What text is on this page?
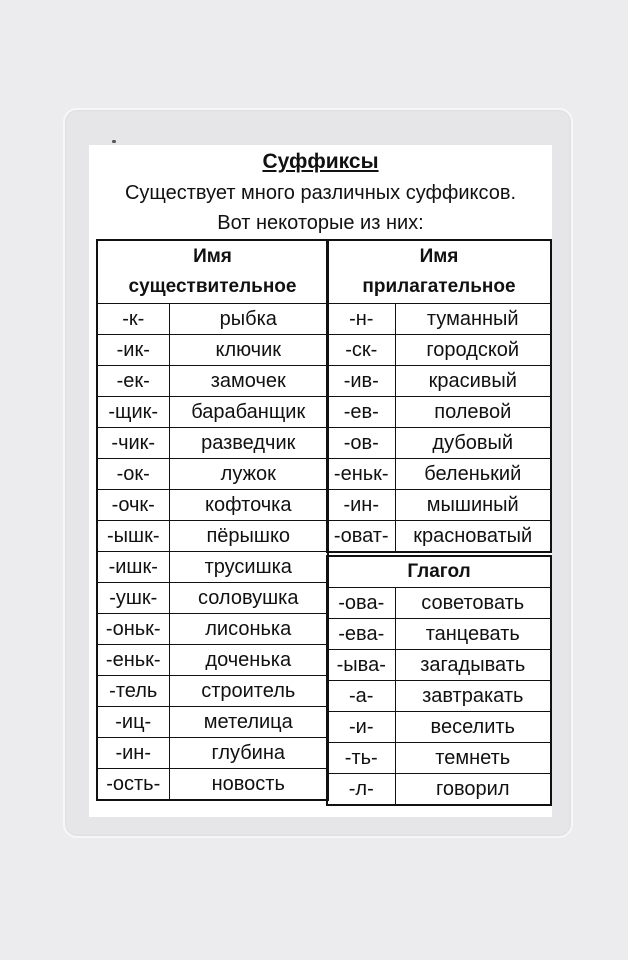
Суффиксы
Существует много различных суффиксов.
Вот некоторые из них:
Имя
существительное	

-к-	рыбка
-ик-	ключик
-ек-	замочек
-щик-	барабанщик
-чик-	разведчик
-ок-	лужок
-очк-	кофточка
-ышк-	пёрышко
-ишк-	трусишка
-ушк-	соловушка
-оньк-	лисонька
-еньк-	доченька
-тель	строитель
-иц-	метелица
-ин-	глубина
-ость-	новость
Имя
прилагательное	

-н-	туманный
-ск-	городской
-ив-	красивый
-ев-	полевой
-ов-	дубовый
-еньк-	беленький
-ин-	мышиный
-оват-	красноватый
Глагол	
-ова-	советовать
-ева-	танцевать
-ыва-	загадывать
-а-	завтракать
-и-	веселить
-ть-	темнеть
-л-	говорил
